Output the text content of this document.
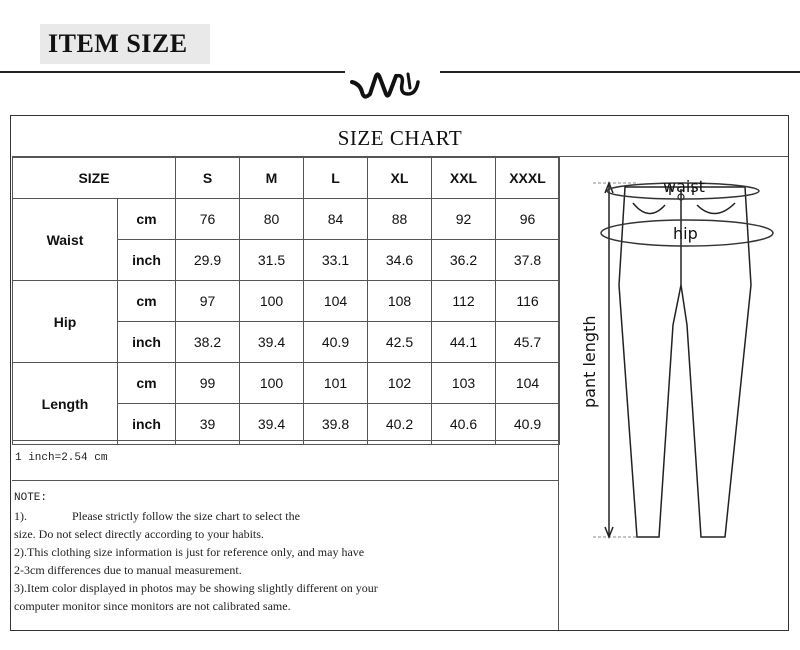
ITEM SIZE
SIZE CHART
SIZE		S	M	L	XL	XXL	XXXL
Waist	cm	76	80	84	88	92	96
	inch	29.9	31.5	33.1	34.6	36.2	37.8
Hip	cm	97	100	104	108	112	116
	inch	38.2	39.4	40.9	42.5	44.1	45.7
Length	cm	99	100	101	102	103	104
	inch	39	39.4	39.8	40.2	40.6	40.9
1 inch=2.54 cm
NOTE:
1).               Please strictly follow the size chart to select the
size. Do not select directly according to your habits.
2).This clothing size information is just for reference only, and may have
2-3cm differences due to manual measurement.
3).Item color displayed in photos may be showing slightly different on your
computer monitor since monitors are not calibrated same.
pant length
waist
hip
